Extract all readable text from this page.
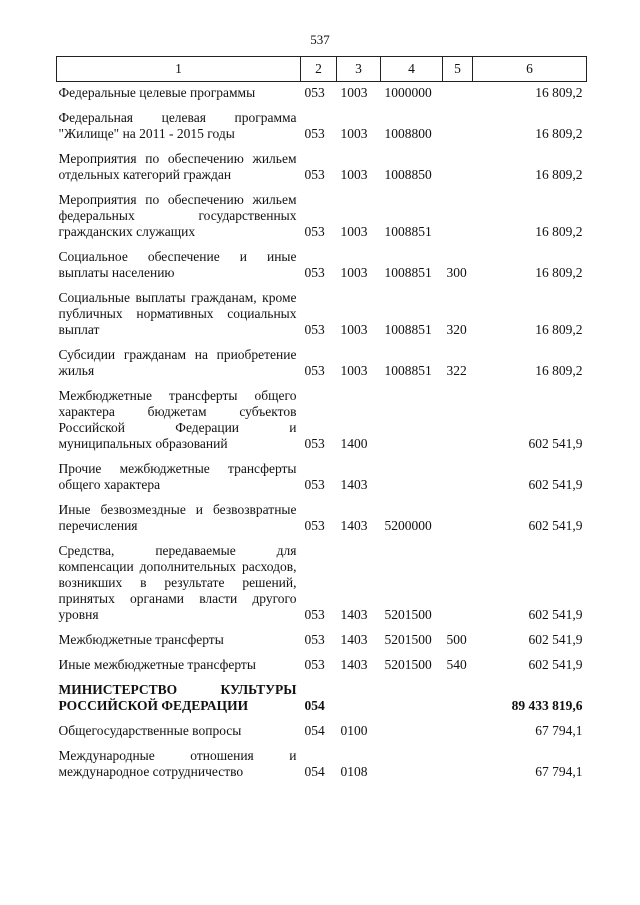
537
1	2	3	4	5	6
Федеральные целевые программы	053	1003	1000000		16 809,2
Федеральная целевая программа "Жилище" на 2011 - 2015 годы	053	1003	1008800		16 809,2
Мероприятия по обеспечению жильем отдельных категорий граждан	053	1003	1008850		16 809,2
Мероприятия по обеспечению жильем федеральных государственных гражданских служащих	053	1003	1008851		16 809,2
Социальное обеспечение и иные выплаты населению	053	1003	1008851	300	16 809,2
Социальные выплаты гражданам, кроме публичных нормативных социальных выплат	053	1003	1008851	320	16 809,2
Субсидии гражданам на приобретение жилья	053	1003	1008851	322	16 809,2
Межбюджетные трансферты общего характера бюджетам субъектов Российской Федерации и муниципальных образований	053	1400			602 541,9
Прочие межбюджетные трансферты общего характера	053	1403			602 541,9
Иные безвозмездные и безвозвратные перечисления	053	1403	5200000		602 541,9
Средства, передаваемые для компенсации дополнительных расходов, возникших в результате решений, принятых органами власти другого уровня	053	1403	5201500		602 541,9
Межбюджетные трансферты	053	1403	5201500	500	602 541,9
Иные межбюджетные трансферты	053	1403	5201500	540	602 541,9
МИНИСТЕРСТВО КУЛЬТУРЫ РОССИЙСКОЙ ФЕДЕРАЦИИ	054				89 433 819,6
Общегосударственные вопросы	054	0100			67 794,1
Международные отношения и международное сотрудничество	054	0108			67 794,1
